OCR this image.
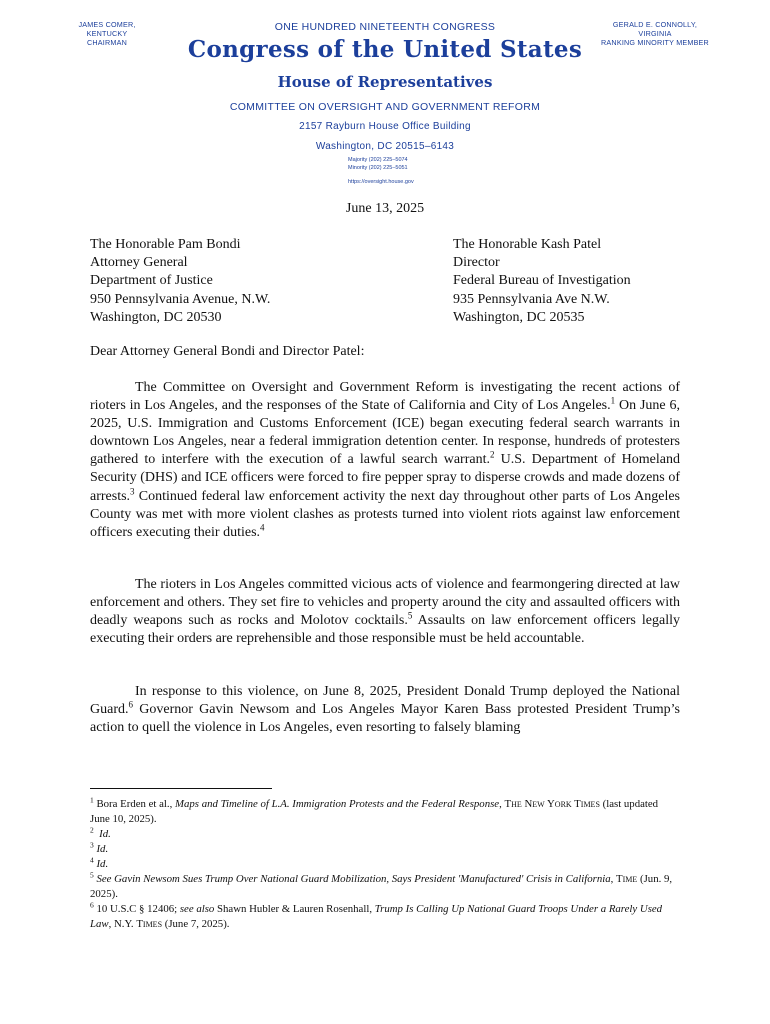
JAMES COMER, KENTUCKY
CHAIRMAN
GERALD E. CONNOLLY, VIRGINIA
RANKING MINORITY MEMBER
ONE HUNDRED NINETEENTH CONGRESS
Congress of the United States
House of Representatives
COMMITTEE ON OVERSIGHT AND GOVERNMENT REFORM
2157 Rayburn House Office Building
Washington, DC 20515–6143
Majority (202) 225–5074
Minority (202) 225–5051
https://oversight.house.gov
June 13, 2025
The Honorable Pam Bondi
Attorney General
Department of Justice
950 Pennsylvania Avenue, N.W.
Washington, DC 20530
The Honorable Kash Patel
Director
Federal Bureau of Investigation
935 Pennsylvania Ave N.W.
Washington, DC 20535
Dear Attorney General Bondi and Director Patel:

The Committee on Oversight and Government Reform is investigating the recent actions of rioters in Los Angeles, and the responses of the State of California and City of Los Angeles.$^1$ On June 6, 2025, U.S. Immigration and Customs Enforcement (ICE) began executing federal search warrants in downtown Los Angeles, near a federal immigration detention center. In response, hundreds of protesters gathered to interfere with the execution of a lawful search warrant.$^2$ U.S. Department of Homeland Security (DHS) and ICE officers were forced to fire pepper spray to disperse crowds and made dozens of arrests.$^3$ Continued federal law enforcement activity the next day throughout other parts of Los Angeles County was met with more violent clashes as protests turned into violent riots against law enforcement officers executing their duties.$^4$

The rioters in Los Angeles committed vicious acts of violence and fearmongering directed at law enforcement and others. They set fire to vehicles and property around the city and assaulted officers with deadly weapons such as rocks and Molotov cocktails.$^5$ Assaults on law enforcement officers legally executing their orders are reprehensible and those responsible must be held accountable.

In response to this violence, on June 8, 2025, President Donald Trump deployed the National Guard.$^6$ Governor Gavin Newsom and Los Angeles Mayor Karen Bass protested President Trump’s action to quell the violence in Los Angeles, even resorting to falsely blaming

$^1$ Bora Erden et al., Maps and Timeline of L.A. Immigration Protests and the Federal Response, The New York Times (last updated June 10, 2025).
$^2$ Id.
$^3$ Id.
$^4$ Id.
$^5$ See Gavin Newsom Sues Trump Over National Guard Mobilization, Says President 'Manufactured' Crisis in California, Time (Jun. 9, 2025).
$^6$ 10 U.S.C § 12406; see also Shawn Hubler & Lauren Rosenhall, Trump Is Calling Up National Guard Troops Under a Rarely Used Law, N.Y. Times (June 7, 2025).
